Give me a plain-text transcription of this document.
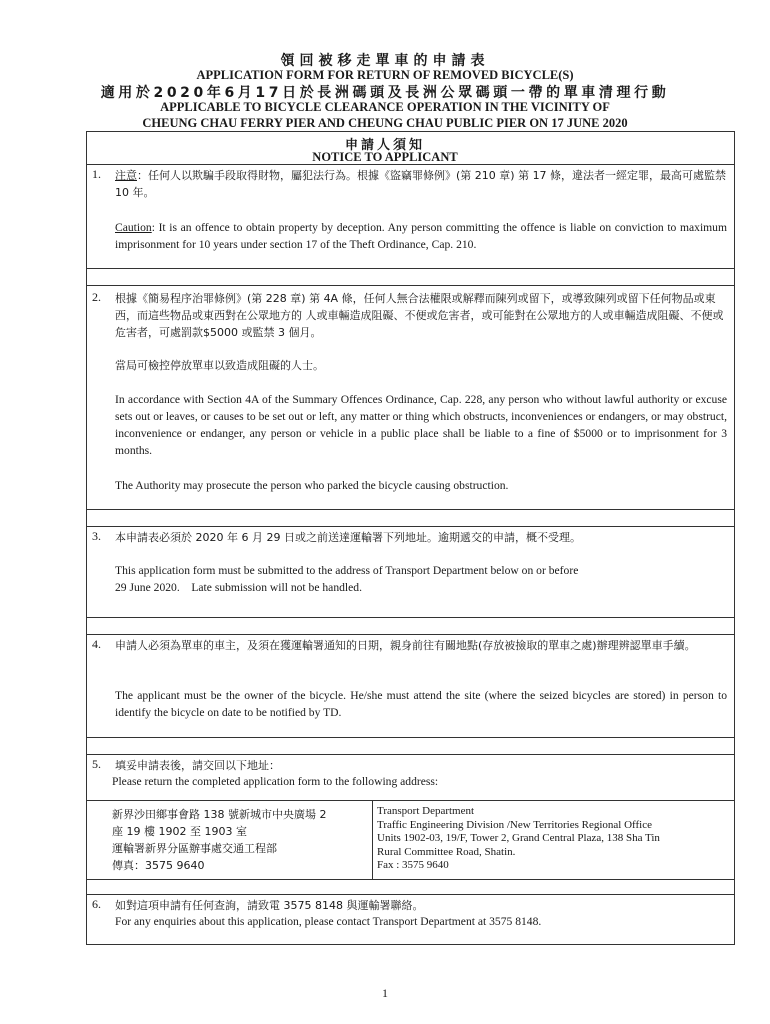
領回被移走單車的申請表
APPLICATION FORM FOR RETURN OF REMOVED BICYCLE(S)
適用於2020年6月17日於長洲碼頭及長洲公眾碼頭一帶的單車清理行動
APPLICABLE TO BICYCLE CLEARANCE OPERATION IN THE VICINITY OF
CHEUNG CHAU FERRY PIER AND CHEUNG CHAU PUBLIC PIER ON 17 JUNE 2020
申請人須知
NOTICE TO APPLICANT
1. 注意：任何人以欺騙手段取得財物，屬犯法行為。根據《盜竊罪條例》(第 210 章) 第 17 條，違法者一經定罪，最高可處監禁 10 年。
Caution: It is an offence to obtain property by deception. Any person committing the offence is liable on conviction to maximum imprisonment for 10 years under section 17 of the Theft Ordinance, Cap. 210.
2. 根據《簡易程序治罪條例》(第 228 章) 第 4A 條，任何人無合法權限或解釋而陳列或留下，或導致陳列或留下任何物品或東西，而這些物品或東西對在公眾地方的 人或車輛造成阻礙、不便或危害者，或可能對在公眾地方的人或車輛造成阻礙、不便或危害者，可處罰款$5000 或監禁 3 個月。
當局可檢控停放單車以致造成阻礙的人士。
In accordance with Section 4A of the Summary Offences Ordinance, Cap. 228, any person who without lawful authority or excuse sets out or leaves, or causes to be set out or left, any matter or thing which obstructs, inconveniences or endangers, or may obstruct, inconvenience or endanger, any person or vehicle in a public place shall be liable to a fine of $5000 or to imprisonment for 3 months.
The Authority may prosecute the person who parked the bicycle causing obstruction.
3. 本申請表必須於 2020 年 6 月 29 日或之前送達運輸署下列地址。逾期遞交的申請，概不受理。
This application form must be submitted to the address of Transport Department below on or before
29 June 2020.    Late submission will not be handled.
4. 申請人必須為單車的車主，及須在獲運輸署通知的日期，親身前往有關地點(存放被撿取的單車之處)辦理辨認單車手續。
The applicant must be the owner of the bicycle. He/she must attend the site (where the seized bicycles are stored) in person to identify the bicycle on date to be notified by TD.
5. 填妥申請表後，請交回以下地址：
Please return the completed application form to the following address:
新界沙田鄉事會路 138 號新城市中央廣場 2
座 19 樓 1902 至 1903 室
運輸署新界分區辦事處交通工程部
傳真：3575 9640
Transport Department
Traffic Engineering Division /New Territories Regional Office
Units 1902-03, 19/F, Tower 2, Grand Central Plaza, 138 Sha Tin
Rural Committee Road, Shatin.
Fax : 3575 9640
6. 如對這項申請有任何查詢，請致電 3575 8148 與運輸署聯絡。
For any enquiries about this application, please contact Transport Department at 3575 8148.
1
